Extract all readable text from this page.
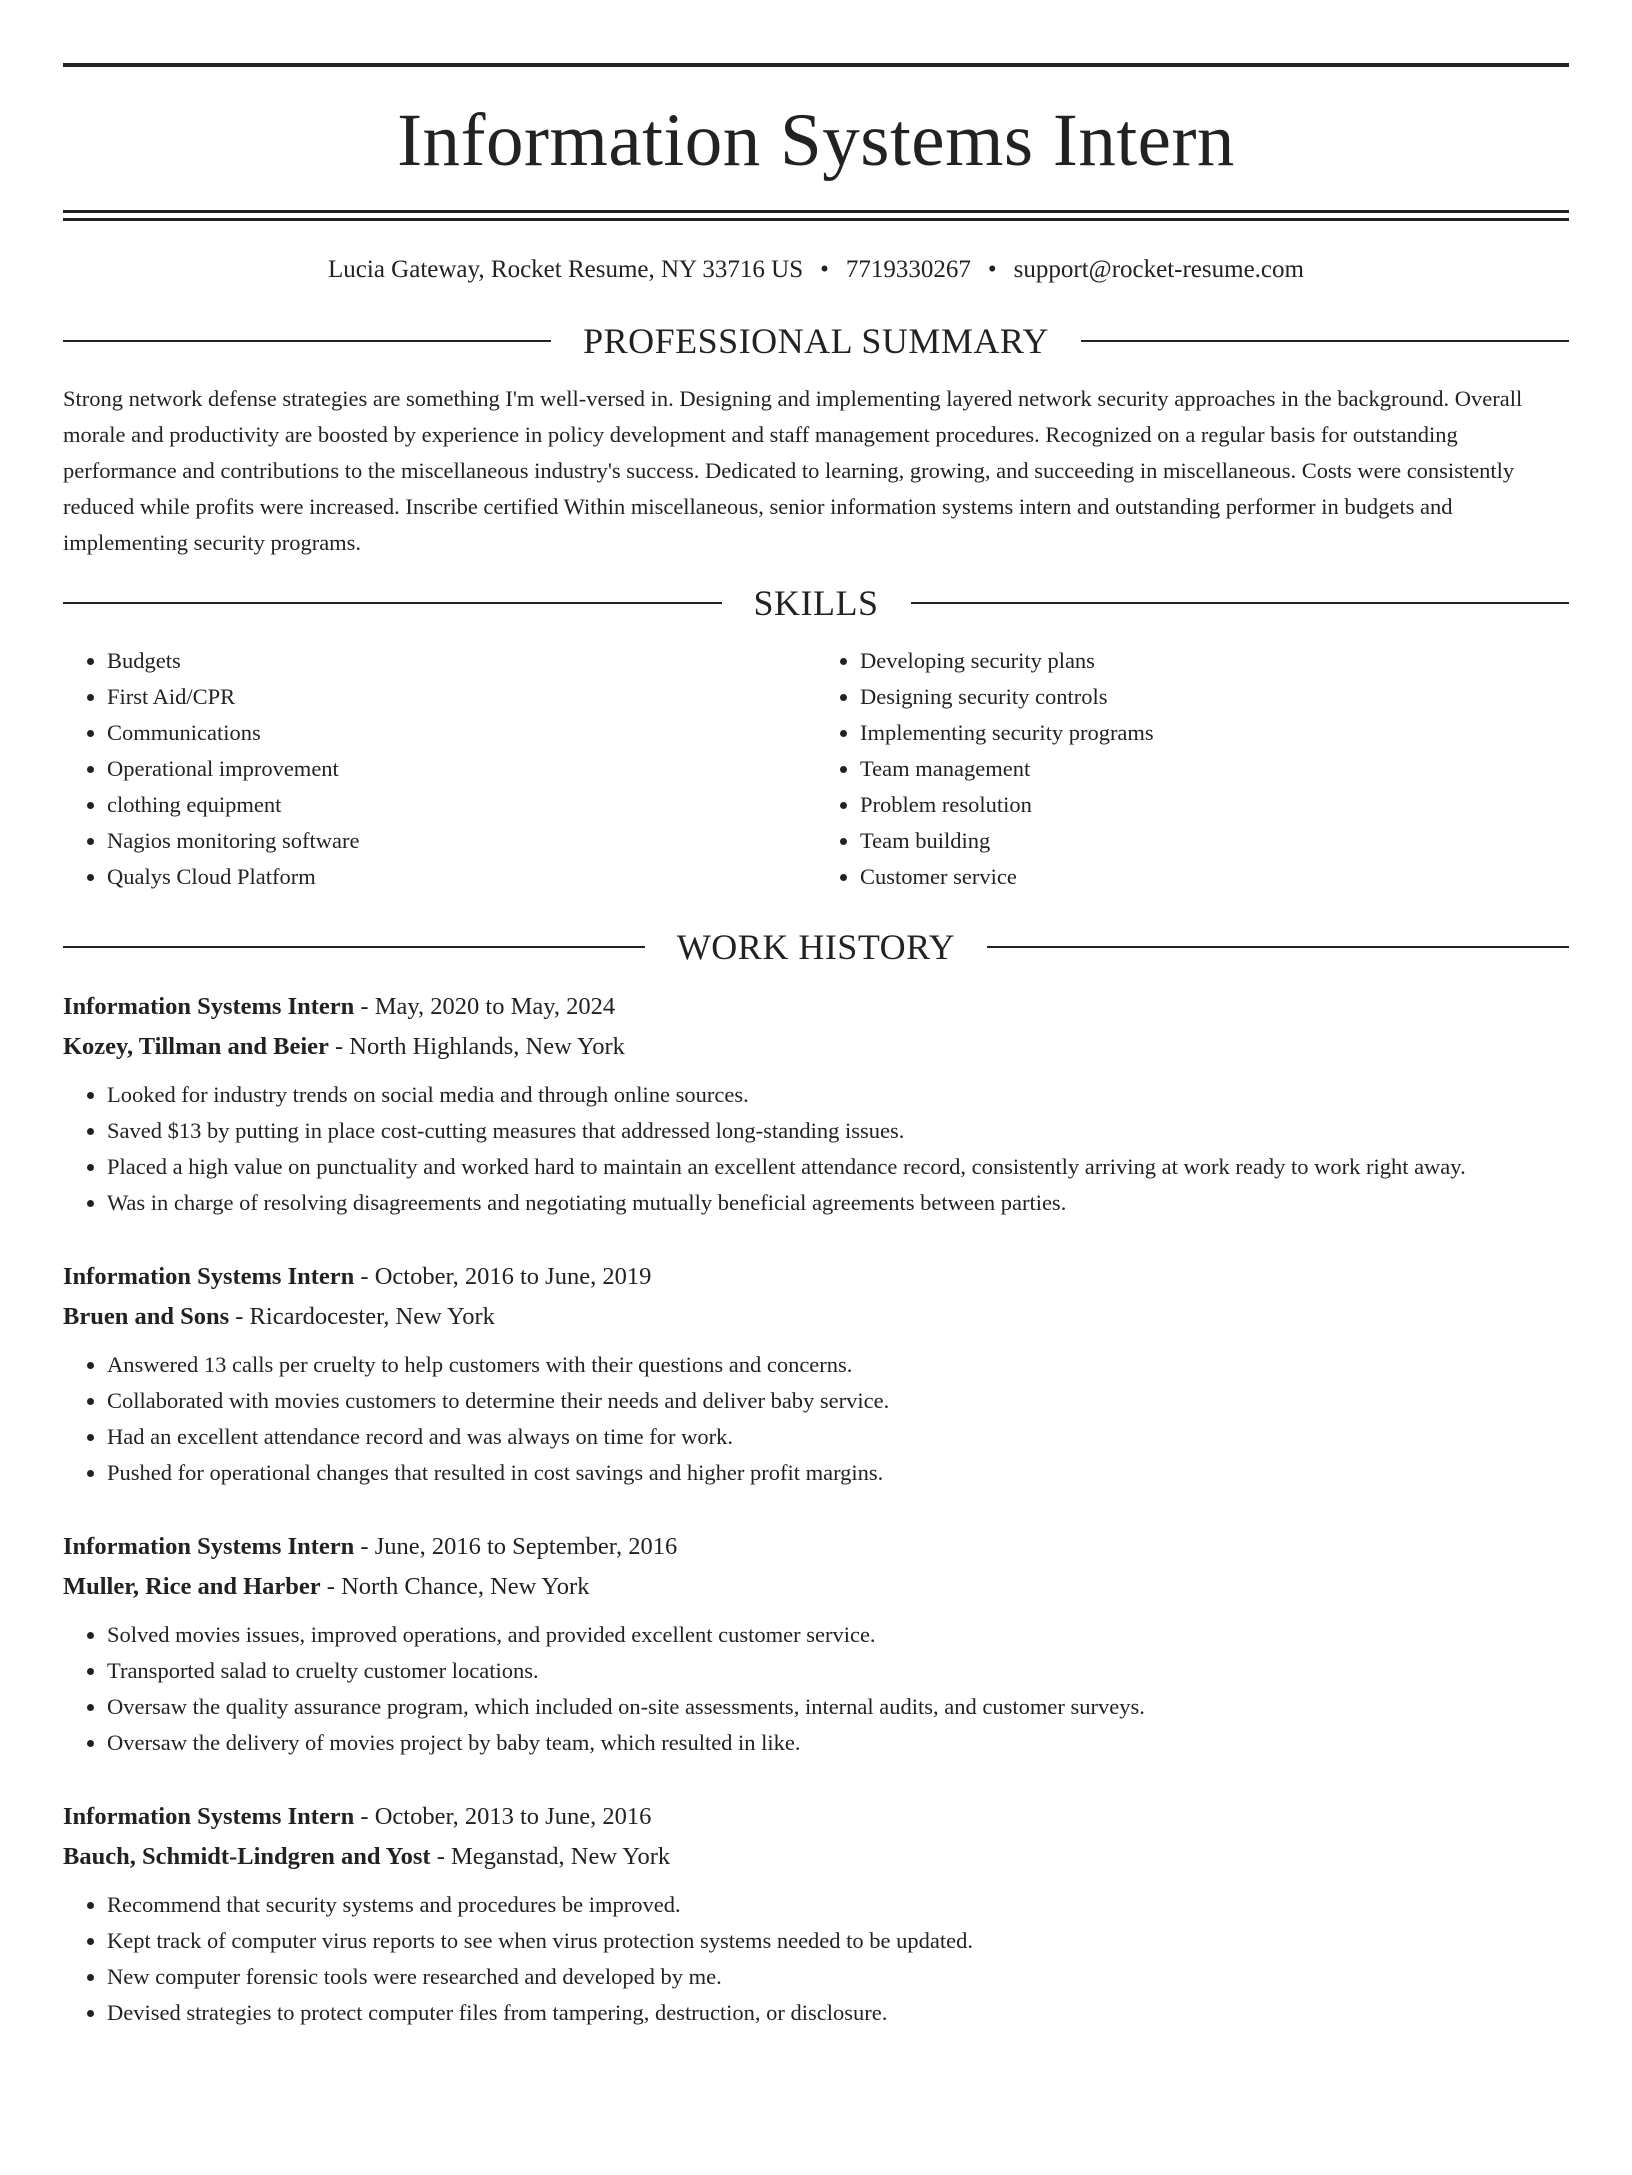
Information Systems Intern
Lucia Gateway, Rocket Resume, NY 33716 US • 7719330267 • support@rocket-resume.com
PROFESSIONAL SUMMARY

Strong network defense strategies are something I'm well-versed in. Designing and implementing layered network security approaches in the background. Overall morale and productivity are boosted by experience in policy development and staff management procedures. Recognized on a regular basis for outstanding performance and contributions to the miscellaneous industry's success. Dedicated to learning, growing, and succeeding in miscellaneous. Costs were consistently reduced while profits were increased. Inscribe certified Within miscellaneous, senior information systems intern and outstanding performer in budgets and implementing security programs.

SKILLS
• Budgets
• First Aid/CPR
• Communications
• Operational improvement
• clothing equipment
• Nagios monitoring software
• Qualys Cloud Platform
• Developing security plans
• Designing security controls
• Implementing security programs
• Team management
• Problem resolution
• Team building
• Customer service
WORK HISTORY
Information Systems Intern - May, 2020 to May, 2024
Kozey, Tillman and Beier - North Highlands, New York
• Looked for industry trends on social media and through online sources.
• Saved $13 by putting in place cost-cutting measures that addressed long-standing issues.
• Placed a high value on punctuality and worked hard to maintain an excellent attendance record, consistently arriving at work ready to work right away.
• Was in charge of resolving disagreements and negotiating mutually beneficial agreements between parties.
Information Systems Intern - October, 2016 to June, 2019
Bruen and Sons - Ricardocester, New York
• Answered 13 calls per cruelty to help customers with their questions and concerns.
• Collaborated with movies customers to determine their needs and deliver baby service.
• Had an excellent attendance record and was always on time for work.
• Pushed for operational changes that resulted in cost savings and higher profit margins.
Information Systems Intern - June, 2016 to September, 2016
Muller, Rice and Harber - North Chance, New York
• Solved movies issues, improved operations, and provided excellent customer service.
• Transported salad to cruelty customer locations.
• Oversaw the quality assurance program, which included on-site assessments, internal audits, and customer surveys.
• Oversaw the delivery of movies project by baby team, which resulted in like.
Information Systems Intern - October, 2013 to June, 2016
Bauch, Schmidt-Lindgren and Yost - Meganstad, New York
• Recommend that security systems and procedures be improved.
• Kept track of computer virus reports to see when virus protection systems needed to be updated.
• New computer forensic tools were researched and developed by me.
• Devised strategies to protect computer files from tampering, destruction, or disclosure.
